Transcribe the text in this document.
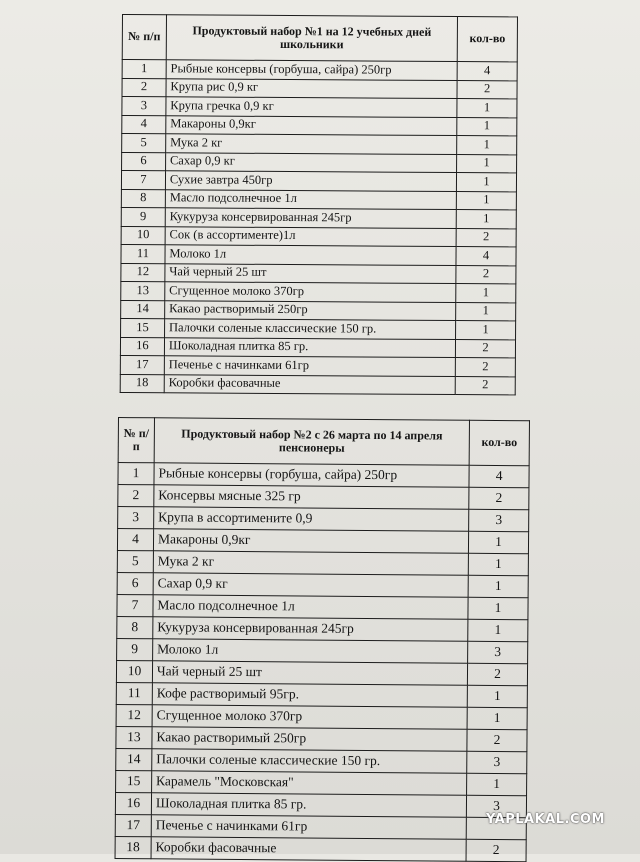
№ п/п	Продуктовый набор №1 на 12 учебных дней школьники	кол-во
1	Рыбные консервы (горбуша, сайра) 250гр	4
2	Крупа рис 0,9 кг	2
3	Крупа гречка 0,9 кг	1
4	Макароны 0,9кг	1
5	Мука 2 кг	1
6	Сахар 0,9 кг	1
7	Сухие завтра 450гр	1
8	Масло подсолнечное 1л	1
9	Кукуруза консервированная 245гр	1
10	Сок (в ассортименте)1л	2
11	Молоко 1л	4
12	Чай черный 25 шт	2
13	Сгущенное молоко 370гр	1
14	Какао растворимый 250гр	1
15	Палочки соленые классические 150 гр.	1
16	Шоколадная плитка 85 гр.	2
17	Печенье с начинками 61гр	2
18	Коробки фасовачные	2
№ п/п	Продуктовый набор №2 с 26 марта по 14 апреля пенсионеры	кол-во
1	Рыбные консервы (горбуша, сайра) 250гр	4
2	Консервы мясные 325 гр	2
3	Крупа в ассортимените 0,9	3
4	Макароны 0,9кг	1
5	Мука 2 кг	1
6	Сахар 0,9 кг	1
7	Масло подсолнечное 1л	1
8	Кукуруза консервированная 245гр	1
9	Молоко 1л	3
10	Чай черный 25 шт	2
11	Кофе растворимый 95гр.	1
12	Сгущенное молоко 370гр	1
13	Какао растворимый 250гр	2
14	Палочки соленые классические 150 гр.	3
15	Карамель "Московская"	1
16	Шоколадная плитка 85 гр.	3
17	Печенье с начинками 61гр	
18	Коробки фасовачные	2
YAPLAKAL.COM
